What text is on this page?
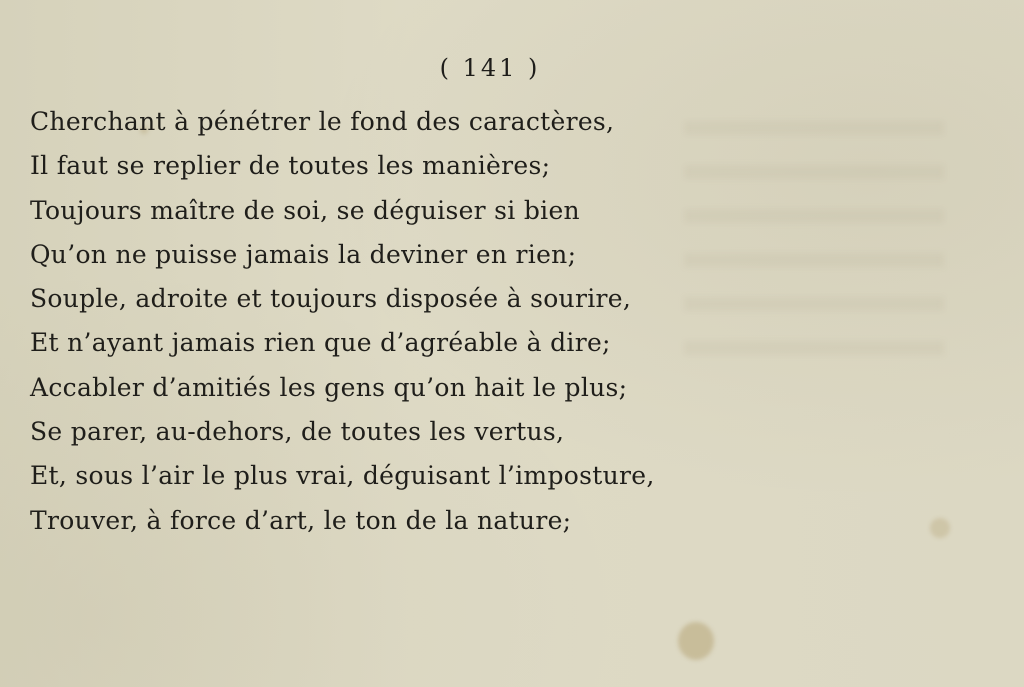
( 141 )
Cherchant à pénétrer le fond des caractères,
Il faut se replier de toutes les manières;
Toujours maître de soi, se déguiser si bien
Qu’on ne puisse jamais la deviner en rien;
Souple, adroite et toujours disposée à sourire,
Et n’ayant jamais rien que d’agréable à dire;
Accabler d’amitiés les gens qu’on hait le plus;
Se parer, au-dehors, de toutes les vertus,
Et, sous l’air le plus vrai, déguisant l’imposture,
Trouver, à force d’art, le ton de la nature;
